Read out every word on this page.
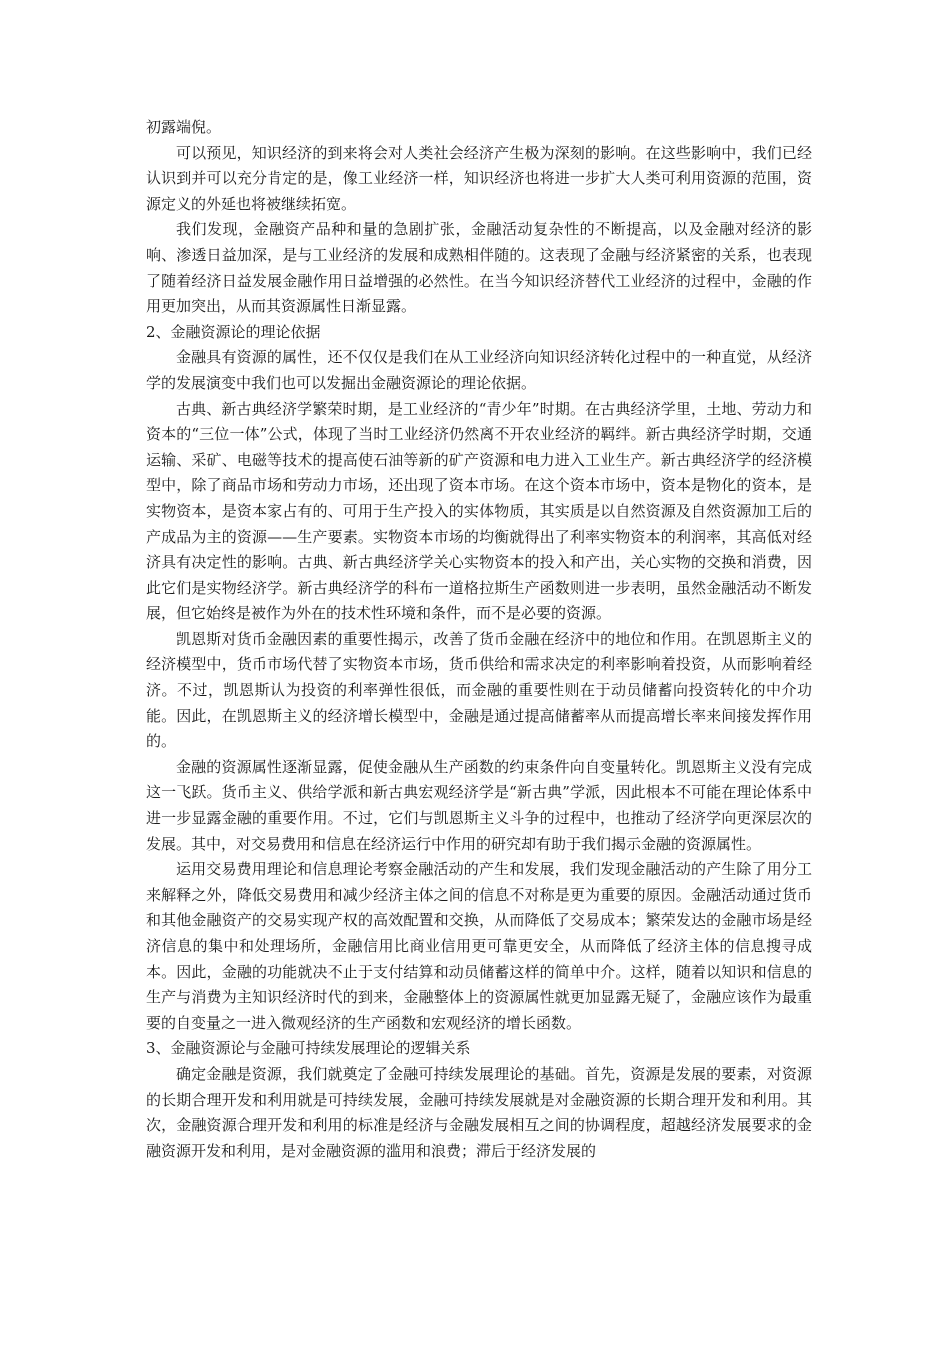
初露端倪。

可以预见，知识经济的到来将会对人类社会经济产生极为深刻的影响。在这些影响中，我们已经认识到并可以充分肯定的是，像工业经济一样，知识经济也将进一步扩大人类可利用资源的范围，资源定义的外延也将被继续拓宽。

我们发现，金融资产品种和量的急剧扩张，金融活动复杂性的不断提高，以及金融对经济的影响、渗透日益加深，是与工业经济的发展和成熟相伴随的。这表现了金融与经济紧密的关系，也表现了随着经济日益发展金融作用日益增强的必然性。在当今知识经济替代工业经济的过程中，金融的作用更加突出，从而其资源属性日渐显露。

2、金融资源论的理论依据

金融具有资源的属性，还不仅仅是我们在从工业经济向知识经济转化过程中的一种直觉，从经济学的发展演变中我们也可以发掘出金融资源论的理论依据。

古典、新古典经济学繁荣时期，是工业经济的“青少年”时期。在古典经济学里，土地、劳动力和资本的“三位一体”公式，体现了当时工业经济仍然离不开农业经济的羁绊。新古典经济学时期，交通运输、采矿、电磁等技术的提高使石油等新的矿产资源和电力进入工业生产。新古典经济学的经济模型中，除了商品市场和劳动力市场，还出现了资本市场。在这个资本市场中，资本是物化的资本，是实物资本，是资本家占有的、可用于生产投入的实体物质，其实质是以自然资源及自然资源加工后的产成品为主的资源——生产要素。实物资本市场的均衡就得出了利率实物资本的利润率，其高低对经济具有决定性的影响。古典、新古典经济学关心实物资本的投入和产出，关心实物的交换和消费，因此它们是实物经济学。新古典经济学的科布一道格拉斯生产函数则进一步表明，虽然金融活动不断发展，但它始终是被作为外在的技术性环境和条件，而不是必要的资源。

凯恩斯对货币金融因素的重要性揭示，改善了货币金融在经济中的地位和作用。在凯恩斯主义的经济模型中，货币市场代替了实物资本市场，货币供给和需求决定的利率影响着投资，从而影响着经济。不过，凯恩斯认为投资的利率弹性很低，而金融的重要性则在于动员储蓄向投资转化的中介功能。因此，在凯恩斯主义的经济增长模型中，金融是通过提高储蓄率从而提高增长率来间接发挥作用的。

金融的资源属性逐渐显露，促使金融从生产函数的约束条件向自变量转化。凯恩斯主义没有完成这一飞跃。货币主义、供给学派和新古典宏观经济学是“新古典”学派，因此根本不可能在理论体系中进一步显露金融的重要作用。不过，它们与凯恩斯主义斗争的过程中，也推动了经济学向更深层次的发展。其中，对交易费用和信息在经济运行中作用的研究却有助于我们揭示金融的资源属性。

运用交易费用理论和信息理论考察金融活动的产生和发展，我们发现金融活动的产生除了用分工来解释之外，降低交易费用和减少经济主体之间的信息不对称是更为重要的原因。金融活动通过货币和其他金融资产的交易实现产权的高效配置和交换，从而降低了交易成本；繁荣发达的金融市场是经济信息的集中和处理场所，金融信用比商业信用更可靠更安全，从而降低了经济主体的信息搜寻成本。因此，金融的功能就决不止于支付结算和动员储蓄这样的简单中介。这样，随着以知识和信息的生产与消费为主知识经济时代的到来，金融整体上的资源属性就更加显露无疑了，金融应该作为最重要的自变量之一进入微观经济的生产函数和宏观经济的增长函数。

3、金融资源论与金融可持续发展理论的逻辑关系

确定金融是资源，我们就奠定了金融可持续发展理论的基础。首先，资源是发展的要素，对资源的长期合理开发和利用就是可持续发展，金融可持续发展就是对金融资源的长期合理开发和利用。其次，金融资源合理开发和利用的标准是经济与金融发展相互之间的协调程度，超越经济发展要求的金融资源开发和利用，是对金融资源的滥用和浪费；滞后于经济发展的
